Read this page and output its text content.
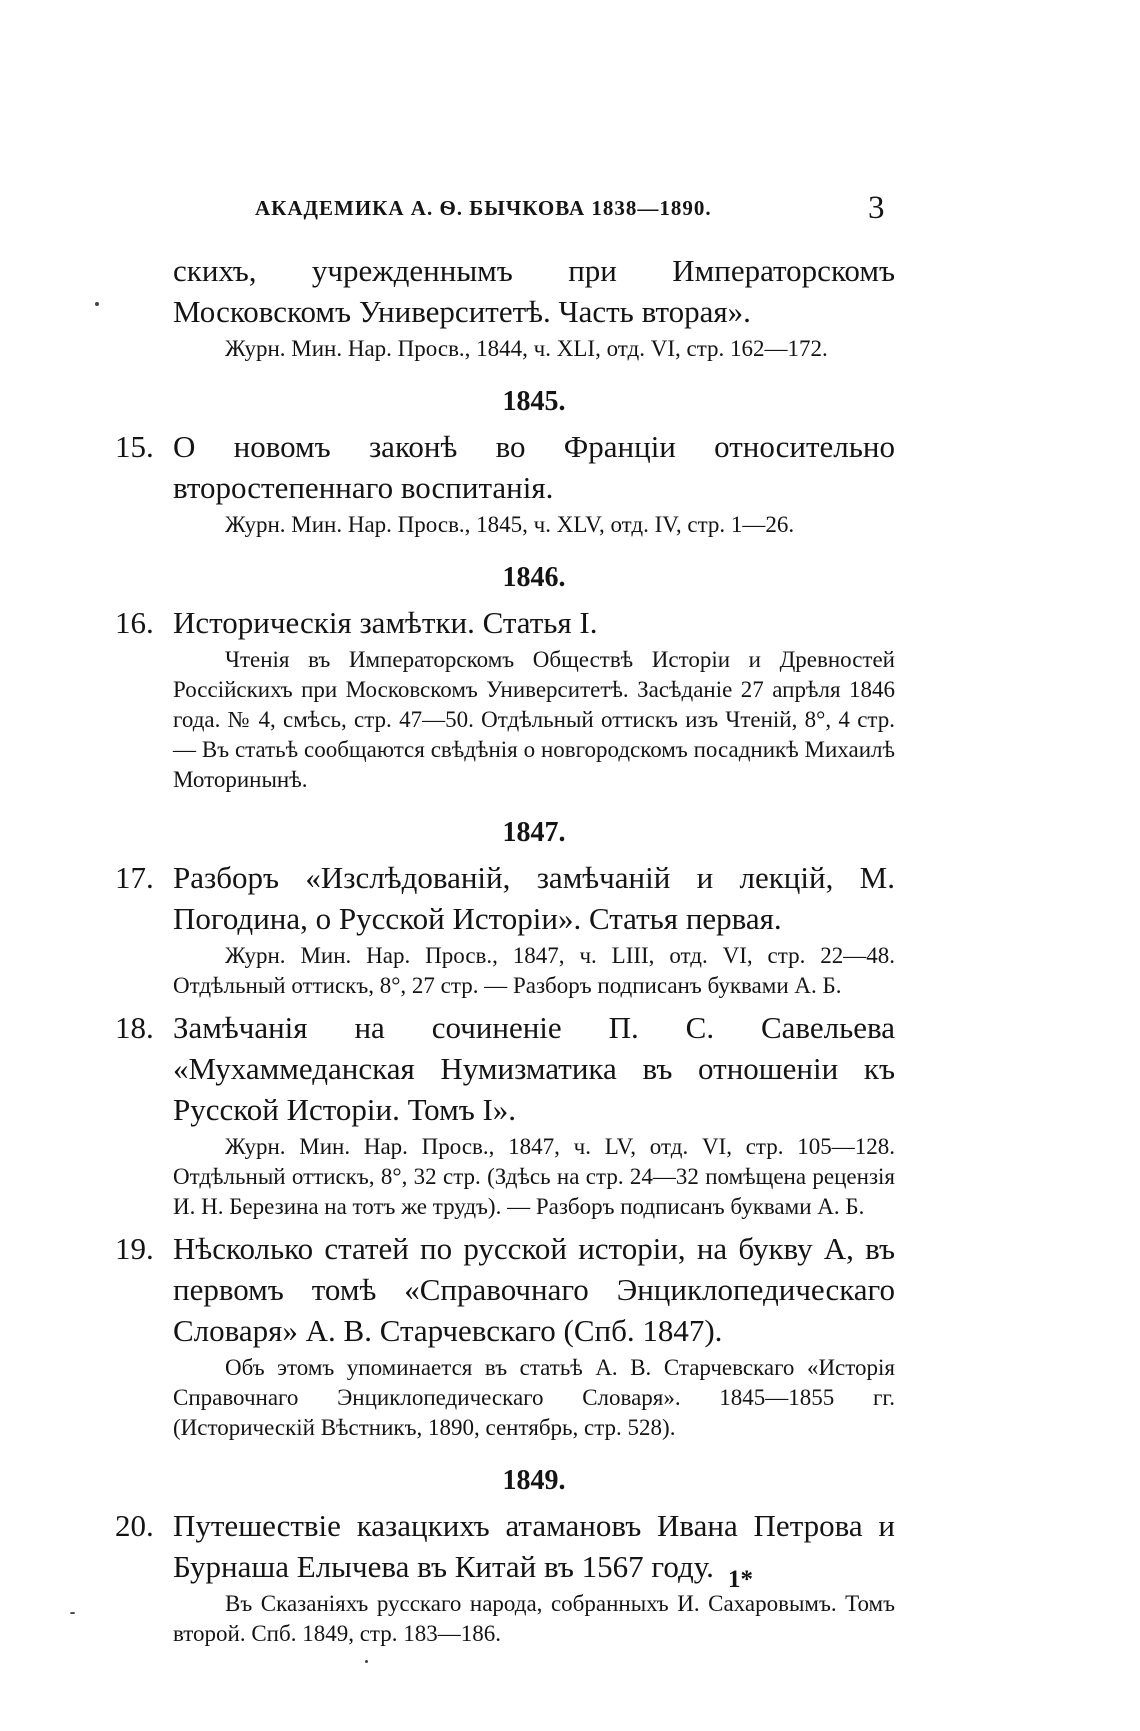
АКАДЕМИКА А. Ѳ. БЫЧКОВА 1838—1890.	3

скихъ, учрежденнымъ при Императорскомъ Московскомъ Университетѣ. Часть вторая».

Журн. Мин. Нар. Просв., 1844, ч. XLI, отд. VI, стр. 162—172.

1845.
15. О новомъ законѣ во Франціи относительно второстепеннаго воспитанія.

Журн. Мин. Нар. Просв., 1845, ч. XLV, отд. IV, стр. 1—26.

1846.
16. Историческія замѣтки. Статья I.

Чтенія въ Императорскомъ Обществѣ Исторіи и Древностей Россійскихъ при Московскомъ Университетѣ. Засѣданіе 27 апрѣля 1846 года. № 4, смѣсь, стр. 47—50. Отдѣльный оттискъ изъ Чтеній, 8°, 4 стр. — Въ статьѣ сообщаются свѣдѣнія о новгородскомъ посадникѣ Михаилѣ Моторинынѣ.

1847.
17. Разборъ «Изслѣдованій, замѣчаній и лекцій, М. Погодина, о Русской Исторіи». Статья первая.

Журн. Мин. Нар. Просв., 1847, ч. LIII, отд. VI, стр. 22—48. Отдѣльный оттискъ, 8°, 27 стр. — Разборъ подписанъ буквами А. Б.

18. Замѣчанія на сочиненіе П. С. Савельева «Мухаммеданская Нумизматика въ отношеніи къ Русской Исторіи. Томъ I».

Журн. Мин. Нар. Просв., 1847, ч. LV, отд. VI, стр. 105—128. Отдѣльный оттискъ, 8°, 32 стр. (Здѣсь на стр. 24—32 помѣщена рецензія И. Н. Березина на тотъ же трудъ). — Разборъ подписанъ буквами А. Б.

19. Нѣсколько статей по русской исторіи, на букву А, въ первомъ томѣ «Справочнаго Энциклопедическаго Словаря» А. В. Старчевскаго (Спб. 1847).

Объ этомъ упоминается въ статьѣ А. В. Старчевскаго «Исторія Справочнаго Энциклопедическаго Словаря». 1845—1855 гг. (Историческій Вѣстникъ, 1890, сентябрь, стр. 528).

1849.
20. Путешествіе казацкихъ атамановъ Ивана Петрова и Бурнаша Елычева въ Китай въ 1567 году.

Въ Сказаніяхъ русскаго народа, собранныхъ И. Сахаровымъ. Томъ второй. Спб. 1849, стр. 183—186.

1*
